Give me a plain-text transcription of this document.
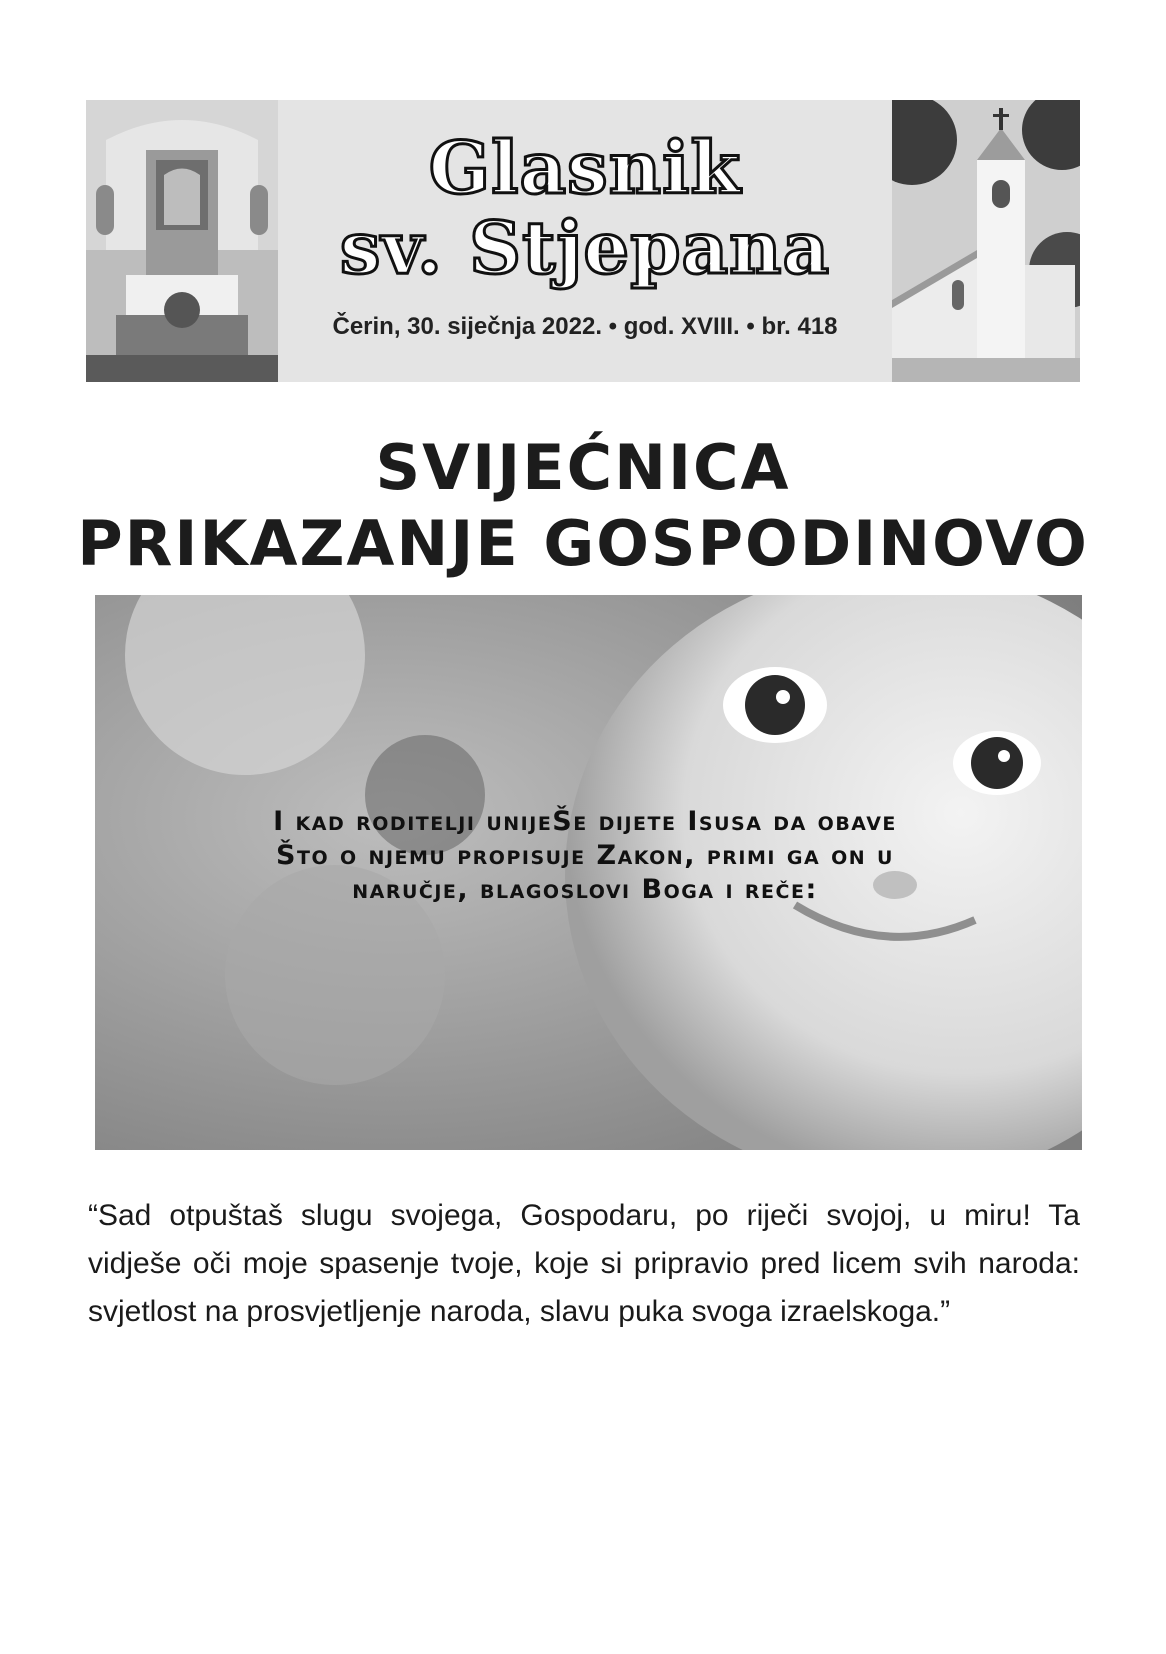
Glasnik
sv. Stjepana
Čerin, 30. siječnja 2022. • god. XVIII. • br. 418
SVIJEĆNICA
PRIKAZANJE GOSPODINOVO
I kad roditelji unijeŠe dijete Isusa da obave
Što o njemu propisuje Zakon, primi ga on u
naručje, blagoslovi Boga i reče:
“Sad otpuštaš slugu svojega, Gospodaru, po riječi svojoj, u miru! Ta vidješe oči moje spasenje tvoje, koje si pripravio pred licem svih naroda: svjetlost na prosvjetljenje naroda, slavu puka svoga izraelskoga.”
